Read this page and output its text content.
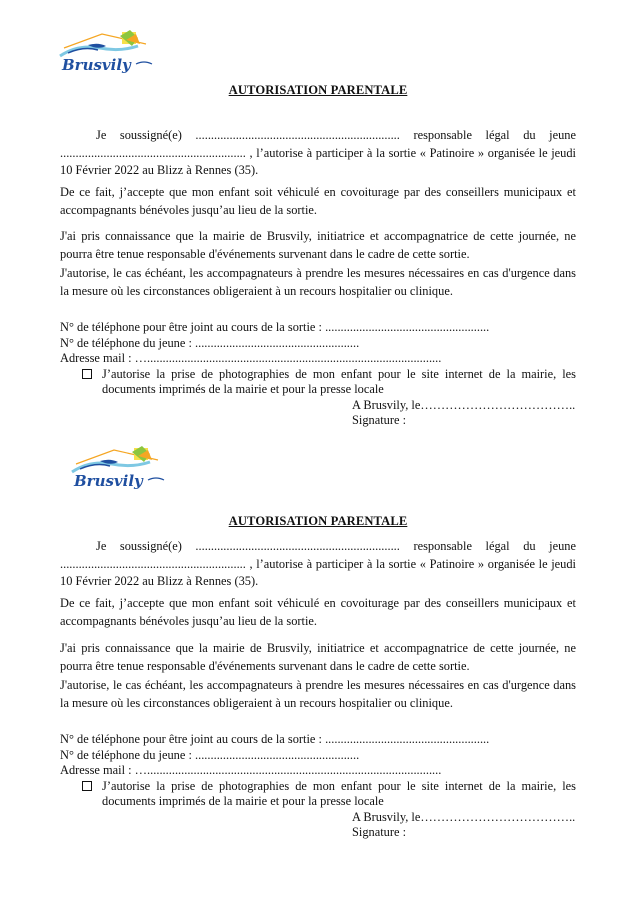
Brusvily
AUTORISATION PARENTALE

Je soussigné(e) .................................................................. responsable légal du jeune ............................................................ , l’autorise à participer à la sortie « Patinoire » organisée le jeudi 10 Février 2022 au Blizz à Rennes (35).

De ce fait, j’accepte que mon enfant soit véhiculé en covoiturage par des conseillers municipaux et accompagnants bénévoles jusqu’au lieu de la sortie.

J'ai pris connaissance que la mairie de Brusvily, initiatrice et accompagnatrice de cette journée, ne pourra être tenue responsable d'événements survenant dans le cadre de cette sortie.

J'autorise, le cas échéant, les accompagnateurs à prendre les mesures nécessaires en cas d'urgence dans la mesure où les circonstances obligeraient à un recours hospitalier ou clinique.

N° de téléphone pour être joint au cours de la sortie : .....................................................
N° de téléphone du jeune : .....................................................
Adresse mail : …...............................................................................................
J’autorise la prise de photographies de mon enfant pour le site internet de la mairie, les documents imprimés de la mairie et pour la presse locale
A Brusvily, le………………………………..
Signature :
Brusvily
AUTORISATION PARENTALE

Je soussigné(e) .................................................................. responsable légal du jeune ............................................................ , l’autorise à participer à la sortie « Patinoire » organisée le jeudi 10 Février 2022 au Blizz à Rennes (35).

De ce fait, j’accepte que mon enfant soit véhiculé en covoiturage par des conseillers municipaux et accompagnants bénévoles jusqu’au lieu de la sortie.

J'ai pris connaissance que la mairie de Brusvily, initiatrice et accompagnatrice de cette journée, ne pourra être tenue responsable d'événements survenant dans le cadre de cette sortie.

J'autorise, le cas échéant, les accompagnateurs à prendre les mesures nécessaires en cas d'urgence dans la mesure où les circonstances obligeraient à un recours hospitalier ou clinique.

N° de téléphone pour être joint au cours de la sortie : .....................................................
N° de téléphone du jeune : .....................................................
Adresse mail : …...............................................................................................
J’autorise la prise de photographies de mon enfant pour le site internet de la mairie, les documents imprimés de la mairie et pour la presse locale
A Brusvily, le………………………………..
Signature :
